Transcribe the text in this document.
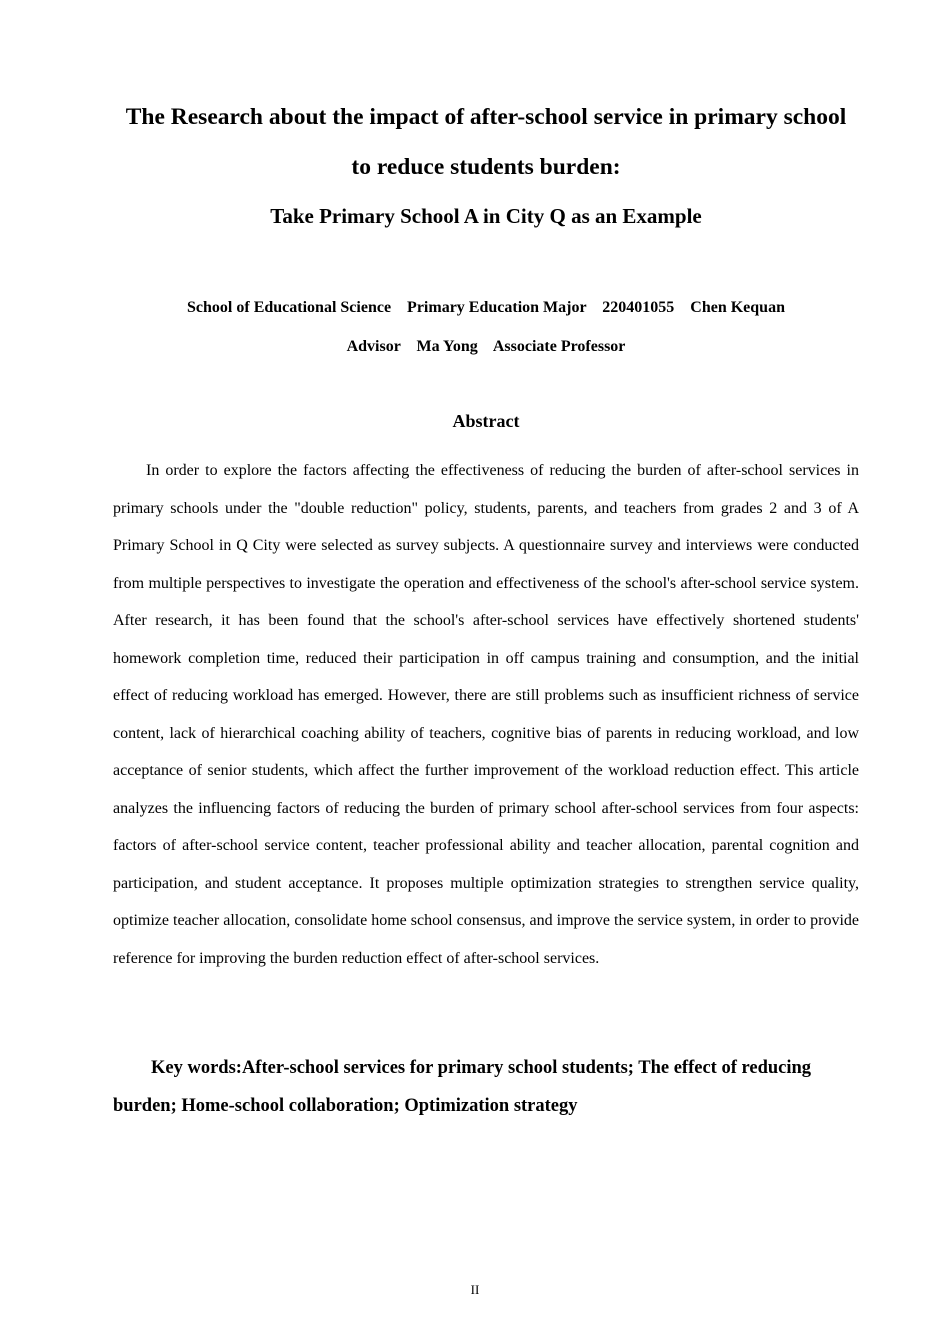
The Research about the impact of after-school service in primary school
to reduce students burden:
Take Primary School A in City Q as an Example

School of Educational Science    Primary Education Major    220401055    Chen Kequan

Advisor    Ma Yong    Associate Professor

Abstract

In order to explore the factors affecting the effectiveness of reducing the burden of after-school services in primary schools under the "double reduction" policy, students, parents, and teachers from grades 2 and 3 of A Primary School in Q City were selected as survey subjects. A questionnaire survey and interviews were conducted from multiple perspectives to investigate the operation and effectiveness of the school's after-school service system. After research, it has been found that the school's after-school services have effectively shortened students' homework completion time, reduced their participation in off campus training and consumption, and the initial effect of reducing workload has emerged. However, there are still problems such as insufficient richness of service content, lack of hierarchical coaching ability of teachers, cognitive bias of parents in reducing workload, and low acceptance of senior students, which affect the further improvement of the workload reduction effect. This article analyzes the influencing factors of reducing the burden of primary school after-school services from four aspects: factors of after-school service content, teacher professional ability and teacher allocation, parental cognition and participation, and student acceptance. It proposes multiple optimization strategies to strengthen service quality, optimize teacher allocation, consolidate home school consensus, and improve the service system, in order to provide reference for improving the burden reduction effect of after-school services.

Key words:After-school services for primary school students; The effect of reducing burden; Home-school collaboration; Optimization strategy

II
